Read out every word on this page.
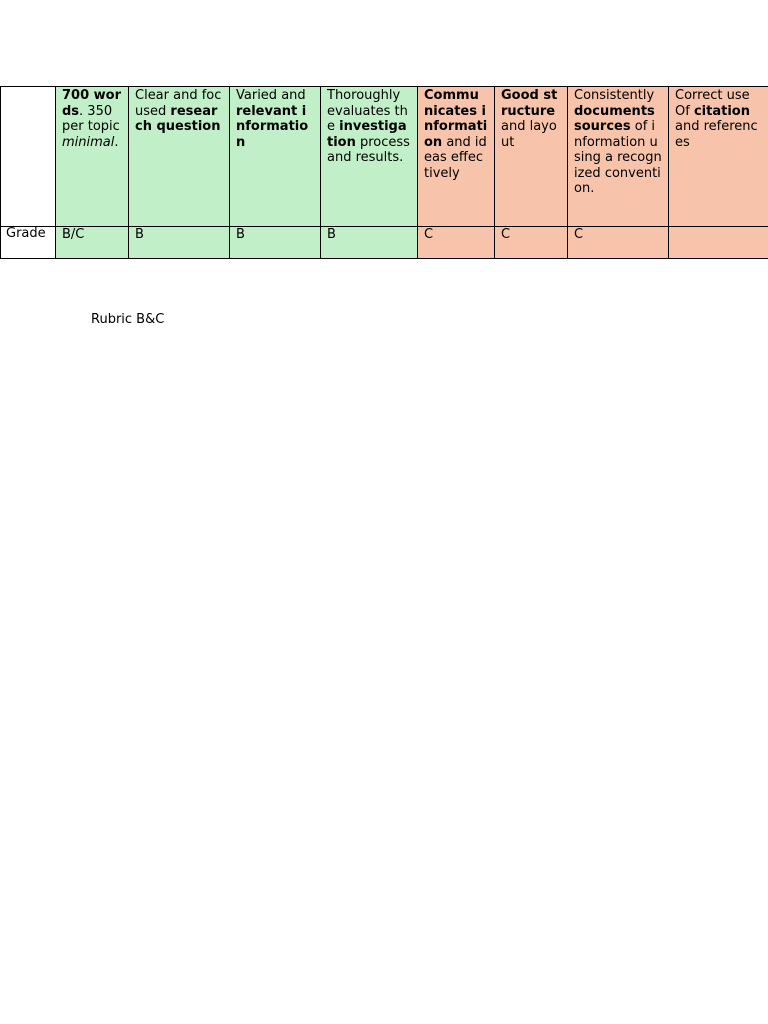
	700 words. 350 per topic minimal.	Clear and focused research question	Varied and relevant information	Thoroughly evaluates the investigation process and results.	Communicates information and ideas effectively	Good structure and layout	Consistently documents sources of information using a recognized convention.	Correct use Of citation and references
Grade	B/C	B	B	B	C	C	C	
Rubric B&C
